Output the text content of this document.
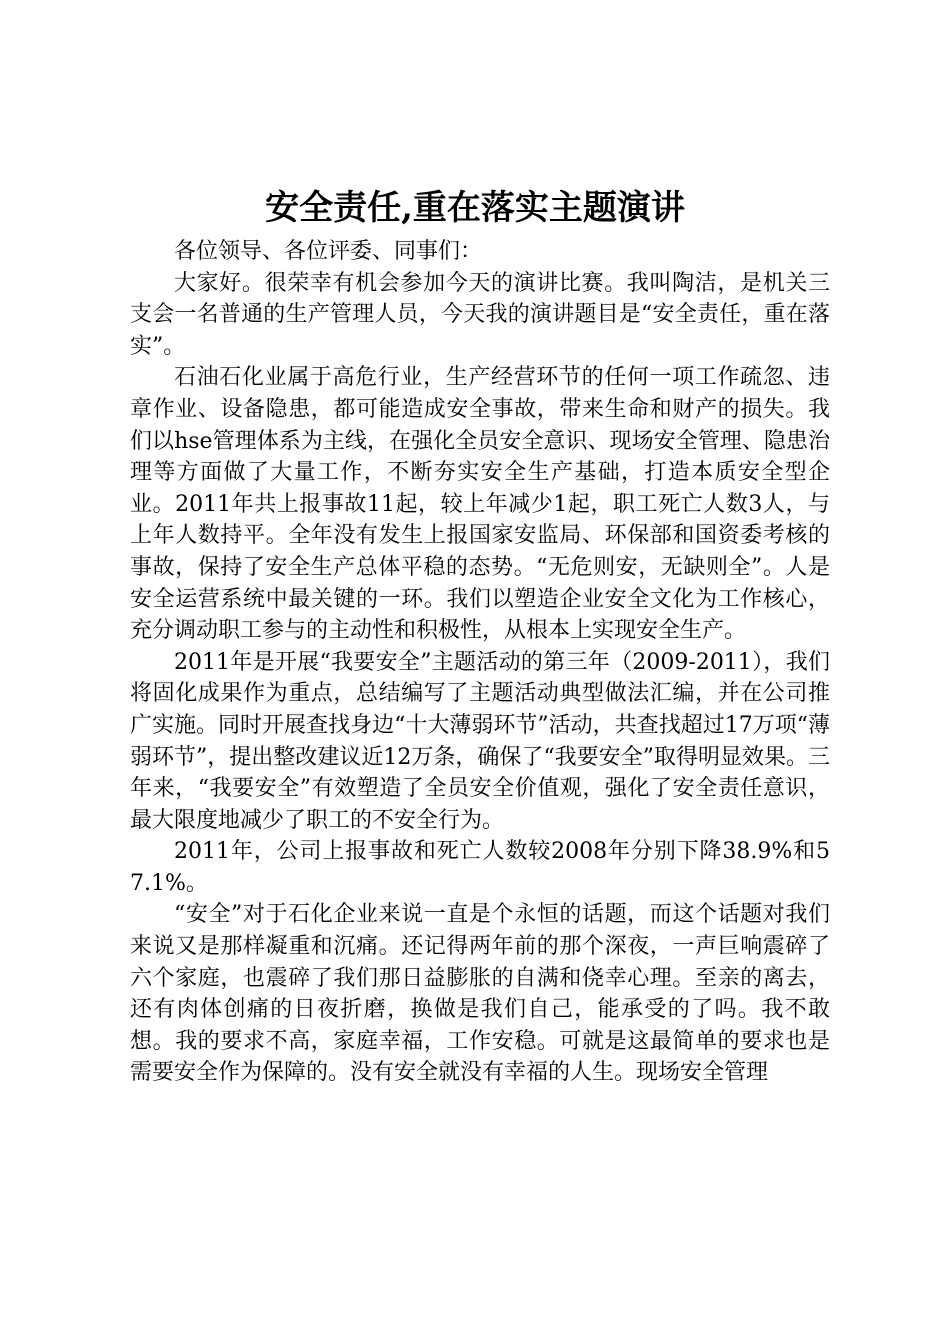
安全责任,重在落实主题演讲

各位领导、各位评委、同事们：

大家好。很荣幸有机会参加今天的演讲比赛。我叫陶洁，是机关三支会一名普通的生产管理人员，今天我的演讲题目是“安全责任，重在落实”。

石油石化业属于高危行业，生产经营环节的任何一项工作疏忽、违章作业、设备隐患，都可能造成安全事故，带来生命和财产的损失。我们以hse管理体系为主线，在强化全员安全意识、现场安全管理、隐患治理等方面做了大量工作，不断夯实安全生产基础，打造本质安全型企业。2011年共上报事故11起，较上年减少1起，职工死亡人数3人，与上年人数持平。全年没有发生上报国家安监局、环保部和国资委考核的事故，保持了安全生产总体平稳的态势。“无危则安，无缺则全”。人是安全运营系统中最关键的一环。我们以塑造企业安全文化为工作核心，充分调动职工参与的主动性和积极性，从根本上实现安全生产。

2011年是开展“我要安全”主题活动的第三年（2009-2011），我们将固化成果作为重点，总结编写了主题活动典型做法汇编，并在公司推广实施。同时开展查找身边“十大薄弱环节”活动，共查找超过17万项“薄弱环节”，提出整改建议近12万条，确保了“我要安全”取得明显效果。三年来，“我要安全”有效塑造了全员安全价值观，强化了安全责任意识，最大限度地减少了职工的不安全行为。

2011年，公司上报事故和死亡人数较2008年分别下降38.9%和57.1%。

“安全”对于石化企业来说一直是个永恒的话题，而这个话题对我们来说又是那样凝重和沉痛。还记得两年前的那个深夜，一声巨响震碎了六个家庭，也震碎了我们那日益膨胀的自满和侥幸心理。至亲的离去，还有肉体创痛的日夜折磨，换做是我们自己，能承受的了吗。我不敢想。我的要求不高，家庭幸福，工作安稳。可就是这最简单的要求也是需要安全作为保障的。没有安全就没有幸福的人生。现场安全管理
